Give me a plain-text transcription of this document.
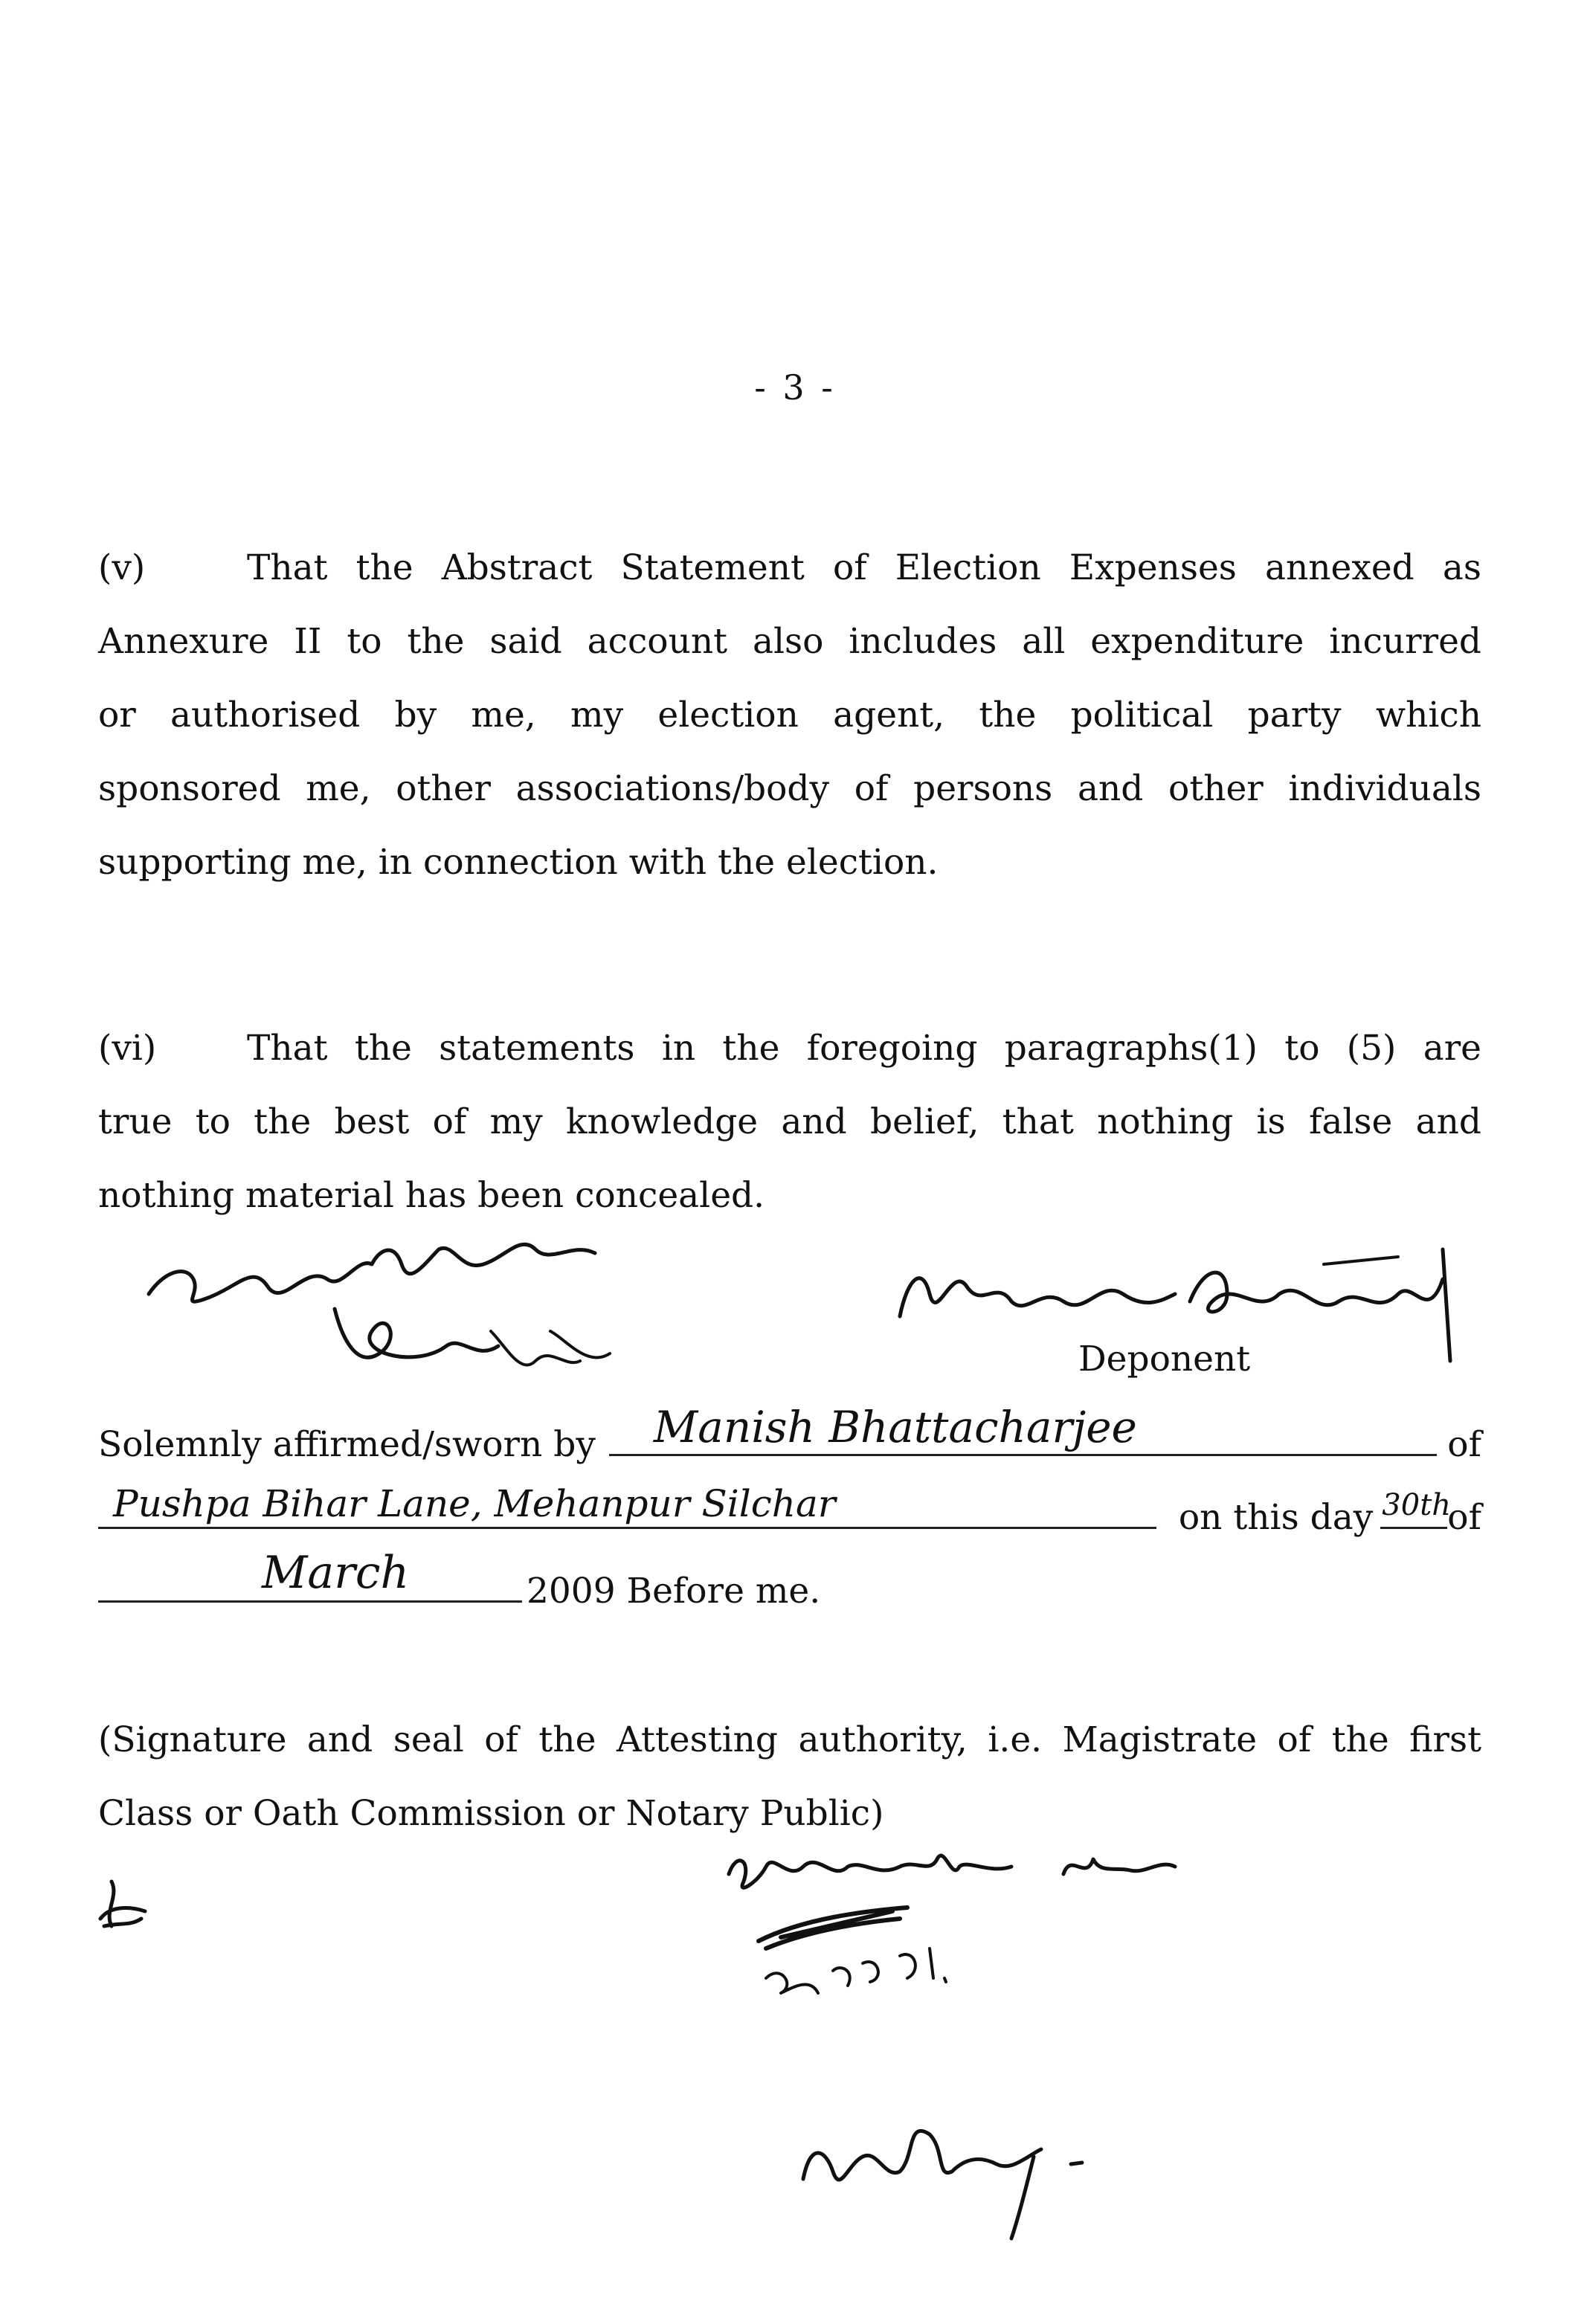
- 3 -
(v)	That the Abstract Statement of Election Expenses annexed as
Annexure II to the said account also includes all expenditure incurred
or authorised by me, my election agent, the political party which
sponsored me, other associations/body of persons and other individuals
supporting me, in connection with the election.
(vi)	That the statements in the foregoing paragraphs(1) to (5) are
true to the best of my knowledge and belief, that nothing is false and
nothing material has been concealed.
Deponent
Solemnly affirmed/sworn by Manish Bhattacharjee	of
Pushpa Bihar Lane, Mehanpur Silchar	on this day 30th
of
March	2009 Before me.
(Signature and seal of the Attesting authority, i.e. Magistrate of the first
Class or Oath Commission or Notary Public)
